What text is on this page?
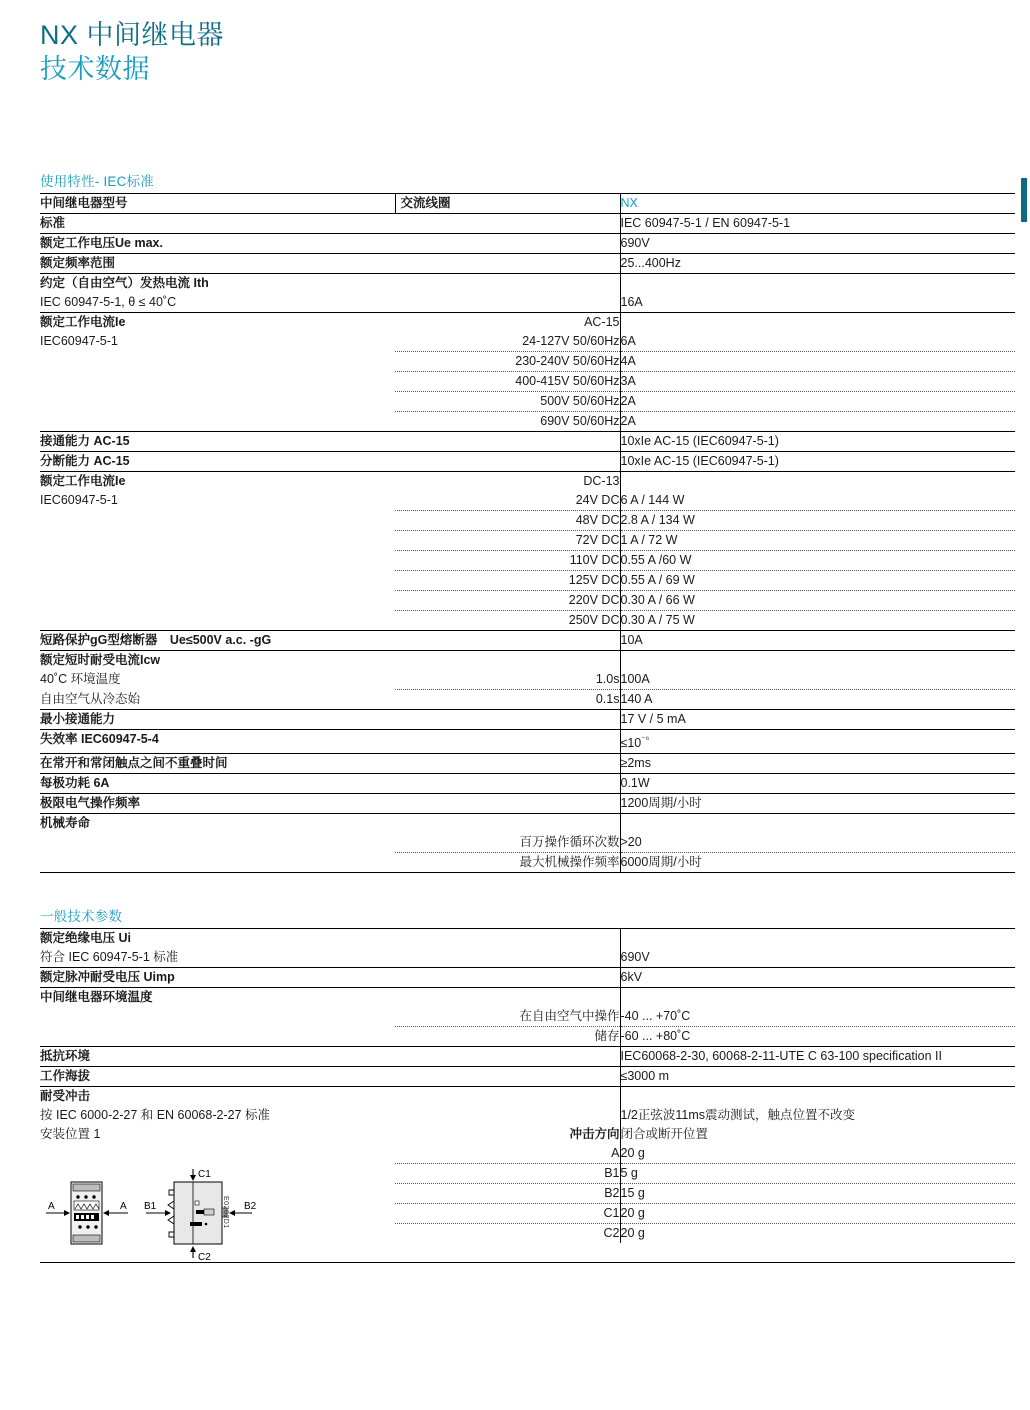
NX 中间继电器
技术数据
使用特性- IEC标准
中间继电器型号	交流线圈	NX
标准		IEC 60947-5-1 / EN 60947-5-1
额定工作电压Ue max.		690V
额定频率范围		25...400Hz
约定（自由空气）发热电流 Ith		
IEC 60947-5-1, θ ≤ 40˚C		16A
额定工作电流Ie	AC-15	
IEC60947-5-1	24-127V 50/60Hz	6A
	230-240V 50/60Hz	4A
	400-415V 50/60Hz	3A
	500V 50/60Hz	2A
	690V 50/60Hz	2A
接通能力 AC-15		10xIe AC-15 (IEC60947-5-1)
分断能力 AC-15		10xIe AC-15 (IEC60947-5-1)
额定工作电流Ie	DC-13	
IEC60947-5-1	24V DC	6 A / 144 W
	48V DC	2.8 A / 134 W
	72V DC	1 A / 72 W
	110V DC	0.55 A /60 W
	125V DC	0.55 A / 69 W
	220V DC	0.30 A / 66 W
	250V DC	0.30 A / 75 W
短路保护gG型熔断器　Ue≤500V a.c. -gG		10A
额定短时耐受电流Icw		
40˚C 环境温度	1.0s	100A
自由空气从冷态始	0.1s	140 A
最小接通能力		17 V / 5 mA
失效率 IEC60947-5-4		$\le 10^{^{-6}}$
在常开和常闭触点之间不重叠时间		≥2ms
每极功耗 6A		0.1W
极限电气操作频率		1200周期/小时
机械寿命		
	百万操作循环次数	>20
	最大机械操作频率	6000周期/小时

一般技术参数
额定绝缘电压 Ui		
符合 IEC 60947-5-1 标准		690V
额定脉冲耐受电压 Uimp		6kV
中间继电器环境温度		
	在自由空气中操作	-40 ... +70˚C
	储存	-60 ... +80˚C
抵抗环境		IEC60068-2-30, 60068-2-11-UTE C 63-100 specification II
工作海拔		≤3000 m
耐受冲击		
按 IEC 6000-2-27 和 EN 60068-2-27 标准		1/2正弦波11ms震动测试，触点位置不改变
安装位置 1	冲击方向	闭合或断开位置
	A	20 g
	B1	5 g
	B2	15 g
	C1	20 g
	C2	20 g
A	A B1	B2
C1
C2
E0202D1
